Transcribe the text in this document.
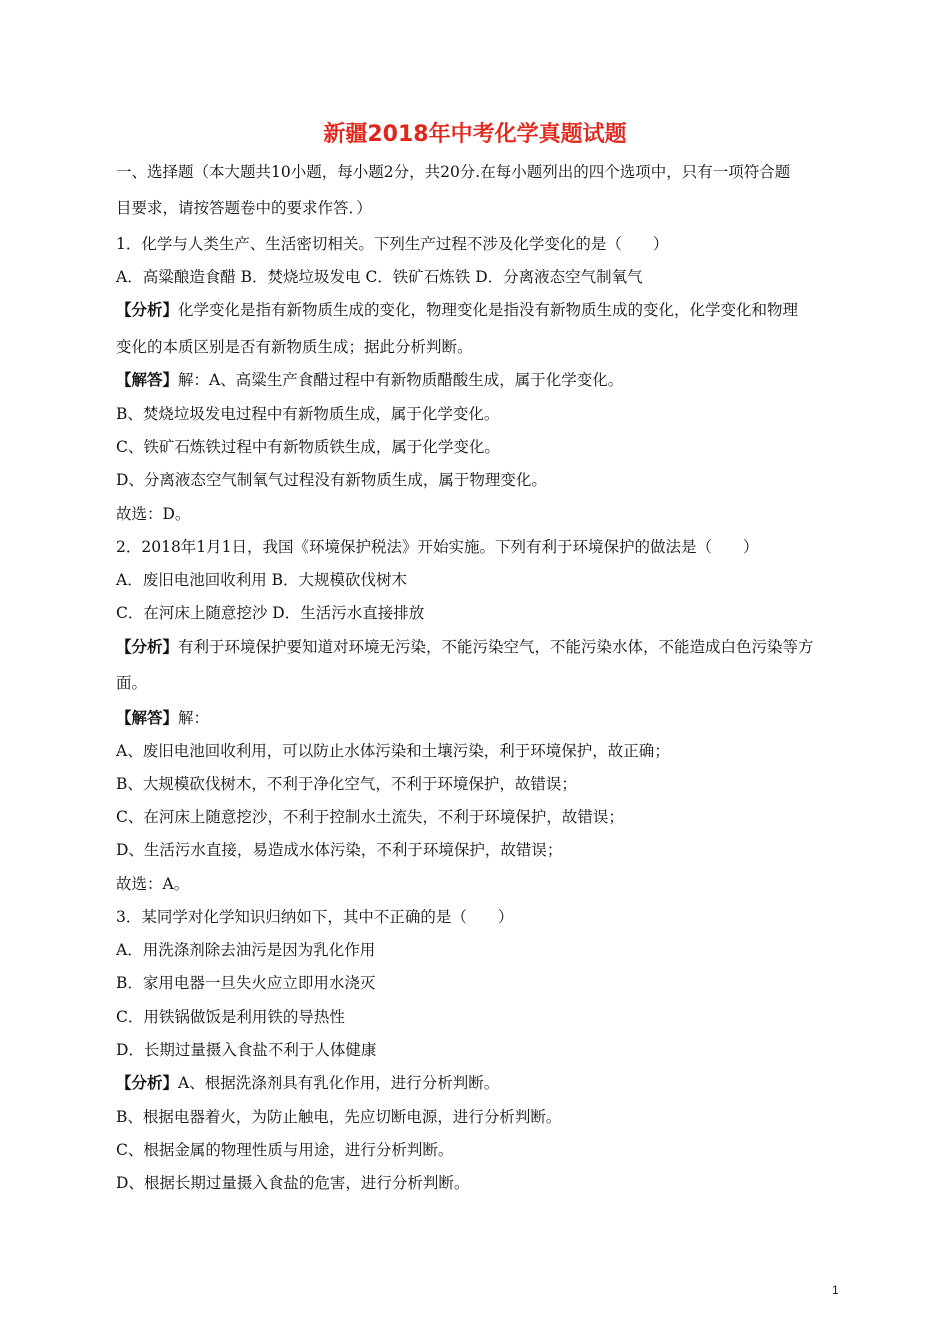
新疆2018年中考化学真题试题
一、选择题（本大题共10小题，每小题2分，共20分.在每小题列出的四个选项中，只有一项符合题
目要求，请按答题卷中的要求作答．）
1．化学与人类生产、生活密切相关。下列生产过程不涉及化学变化的是（　　）
A．高粱酿造食醋 B．焚烧垃圾发电 C．铁矿石炼铁 D．分离液态空气制氧气
【分析】化学变化是指有新物质生成的变化，物理变化是指没有新物质生成的变化，化学变化和物理
变化的本质区别是否有新物质生成；据此分析判断。
【解答】解：A、高粱生产食醋过程中有新物质醋酸生成，属于化学变化。
B、焚烧垃圾发电过程中有新物质生成，属于化学变化。
C、铁矿石炼铁过程中有新物质铁生成，属于化学变化。
D、分离液态空气制氧气过程没有新物质生成，属于物理变化。
故选：D。
2．2018年1月1日，我国《环境保护税法》开始实施。下列有利于环境保护的做法是（　　）
A．废旧电池回收利用 B．大规模砍伐树木
C．在河床上随意挖沙 D．生活污水直接排放
【分析】有利于环境保护要知道对环境无污染，不能污染空气，不能污染水体，不能造成白色污染等方
面。
【解答】解：
A、废旧电池回收利用，可以防止水体污染和土壤污染，利于环境保护，故正确；
B、大规模砍伐树木，不利于净化空气，不利于环境保护，故错误；
C、在河床上随意挖沙，不利于控制水土流失，不利于环境保护，故错误；
D、生活污水直接，易造成水体污染，不利于环境保护，故错误；
故选：A。
3．某同学对化学知识归纳如下，其中不正确的是（　　）
A．用洗涤剂除去油污是因为乳化作用
B．家用电器一旦失火应立即用水浇灭
C．用铁锅做饭是利用铁的导热性
D．长期过量摄入食盐不利于人体健康
【分析】A、根据洗涤剂具有乳化作用，进行分析判断。
B、根据电器着火，为防止触电，先应切断电源，进行分析判断。
C、根据金属的物理性质与用途，进行分析判断。
D、根据长期过量摄入食盐的危害，进行分析判断。
1
